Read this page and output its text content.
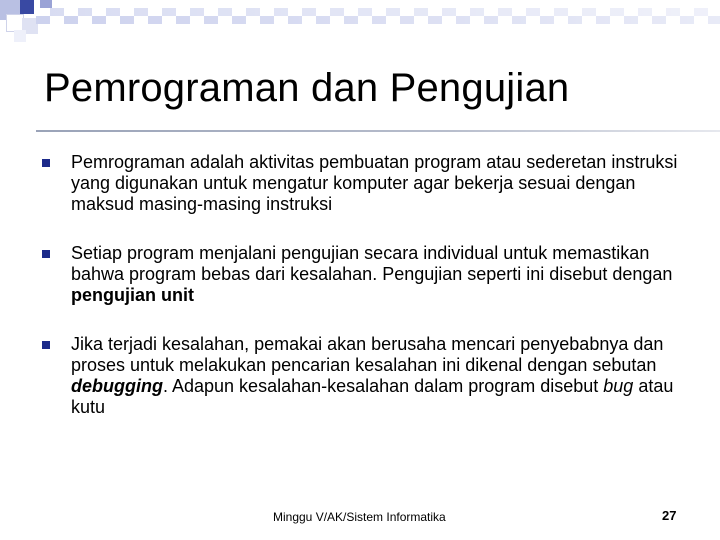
Pemrograman dan Pengujian
Pemrograman adalah aktivitas pembuatan program atau sederetan instruksi yang digunakan untuk mengatur komputer agar bekerja sesuai dengan maksud masing-masing instruksi
Setiap program menjalani pengujian secara individual untuk memastikan bahwa program bebas dari kesalahan. Pengujian seperti ini disebut dengan pengujian unit
Jika terjadi kesalahan, pemakai akan berusaha mencari penyebabnya dan proses untuk melakukan pencarian kesalahan ini dikenal dengan sebutan debugging. Adapun kesalahan-kesalahan dalam program disebut bug atau kutu
Minggu V/AK/Sistem Informatika	27
